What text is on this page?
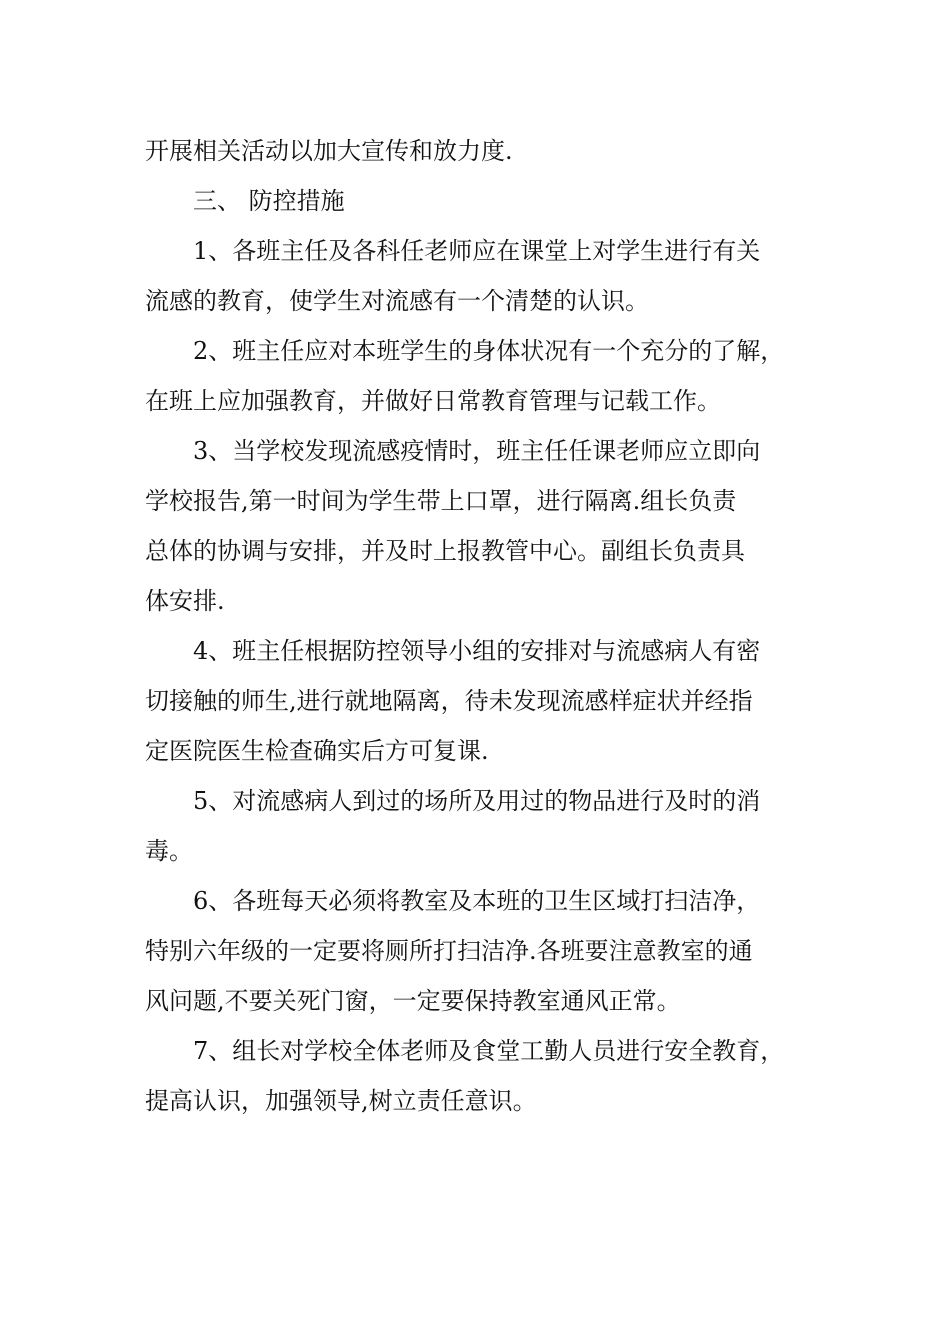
开展相关活动以加大宣传和放力度.
三、 防控措施
1、各班主任及各科任老师应在课堂上对学生进行有关
流感的教育，使学生对流感有一个清楚的认识。
2、班主任应对本班学生的身体状况有一个充分的了解，
在班上应加强教育，并做好日常教育管理与记载工作。
3、当学校发现流感疫情时，班主任任课老师应立即向
学校报告,第一时间为学生带上口罩，进行隔离.组长负责
总体的协调与安排，并及时上报教管中心。副组长负责具
体安排.
4、班主任根据防控领导小组的安排对与流感病人有密
切接触的师生,进行就地隔离，待未发现流感样症状并经指
定医院医生检查确实后方可复课.
5、对流感病人到过的场所及用过的物品进行及时的消
毒。
6、各班每天必须将教室及本班的卫生区域打扫洁净，
特别六年级的一定要将厕所打扫洁净.各班要注意教室的通
风问题,不要关死门窗，一定要保持教室通风正常。
7、组长对学校全体老师及食堂工勤人员进行安全教育，
提高认识，加强领导,树立责任意识。
